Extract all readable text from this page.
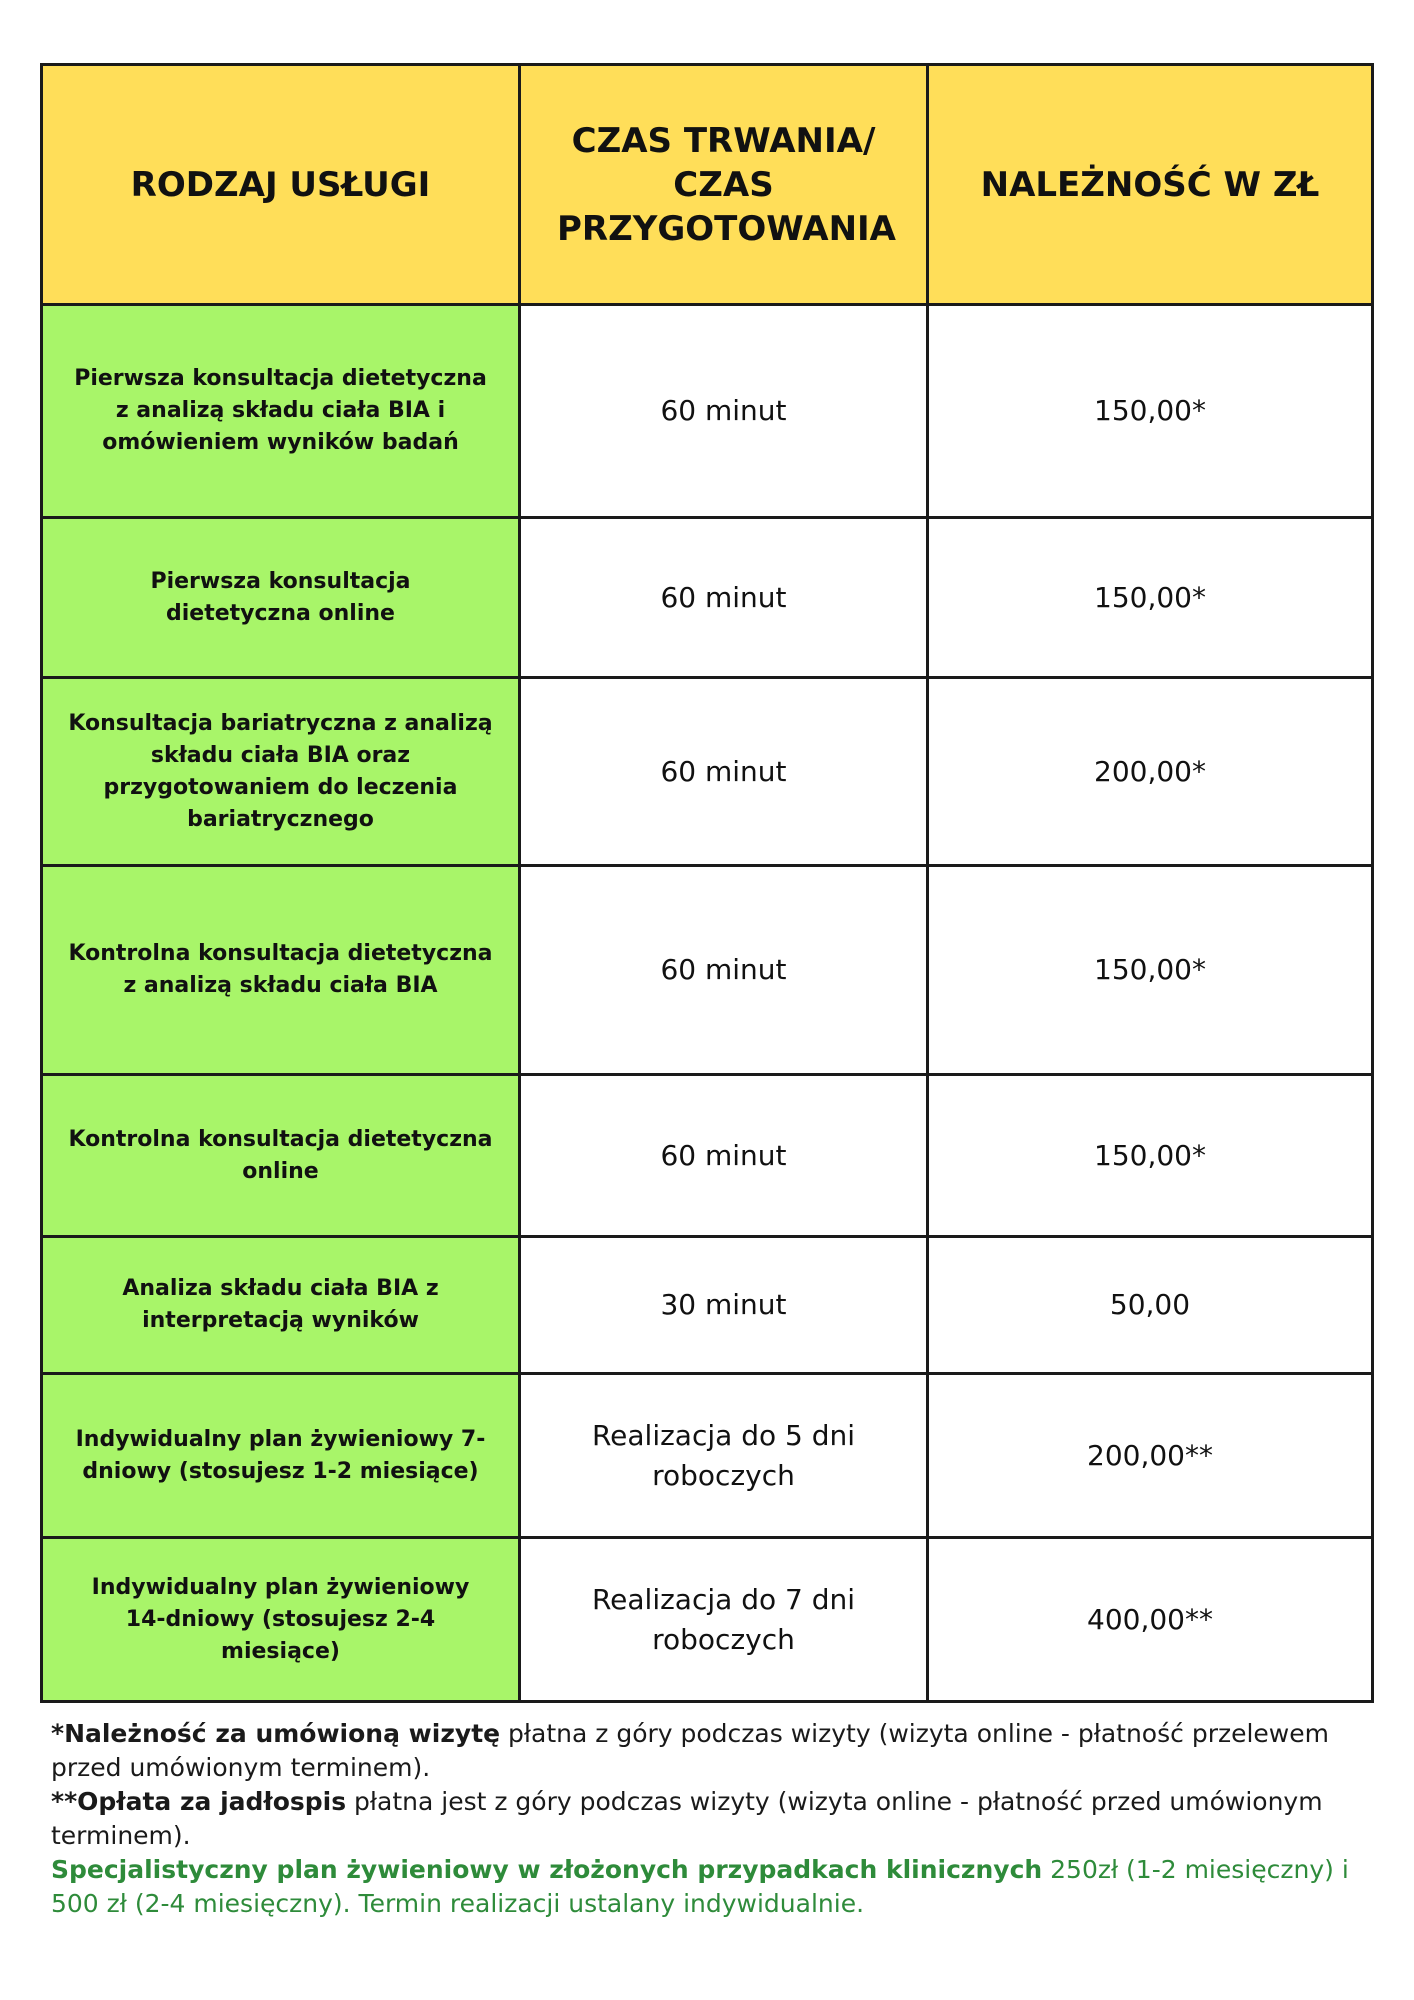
RODZAJ USŁUGI	CZAS TRWANIA/ CZAS PRZYGOTOWANIA	NALEŻNOŚĆ W ZŁ
Pierwsza konsultacja dietetyczna z analizą składu ciała BIA i omówieniem wyników badań	60 minut	150,00*
Pierwsza konsultacja dietetyczna online	60 minut	150,00*
Konsultacja bariatryczna z analizą składu ciała BIA oraz przygotowaniem do leczenia bariatrycznego	60 minut	200,00*
Kontrolna konsultacja dietetyczna z analizą składu ciała BIA	60 minut	150,00*
Kontrolna konsultacja dietetyczna online	60 minut	150,00*
Analiza składu ciała BIA z interpretacją wyników	30 minut	50,00
Indywidualny plan żywieniowy 7-dniowy (stosujesz 1-2 miesiące)	Realizacja do 5 dni roboczych	200,00**
Indywidualny plan żywieniowy 14-dniowy (stosujesz 2-4 miesiące)	Realizacja do 7 dni roboczych	400,00**

*Należność za umówioną wizytę płatna z góry podczas wizyty (wizyta online - płatność przelewem przed umówionym terminem).

**Opłata za jadłospis płatna jest z góry podczas wizyty (wizyta online - płatność przed umówionym terminem).

Specjalistyczny plan żywieniowy w złożonych przypadkach klinicznych 250zł (1-2 miesięczny) i 500 zł (2-4 miesięczny). Termin realizacji ustalany indywidualnie.
